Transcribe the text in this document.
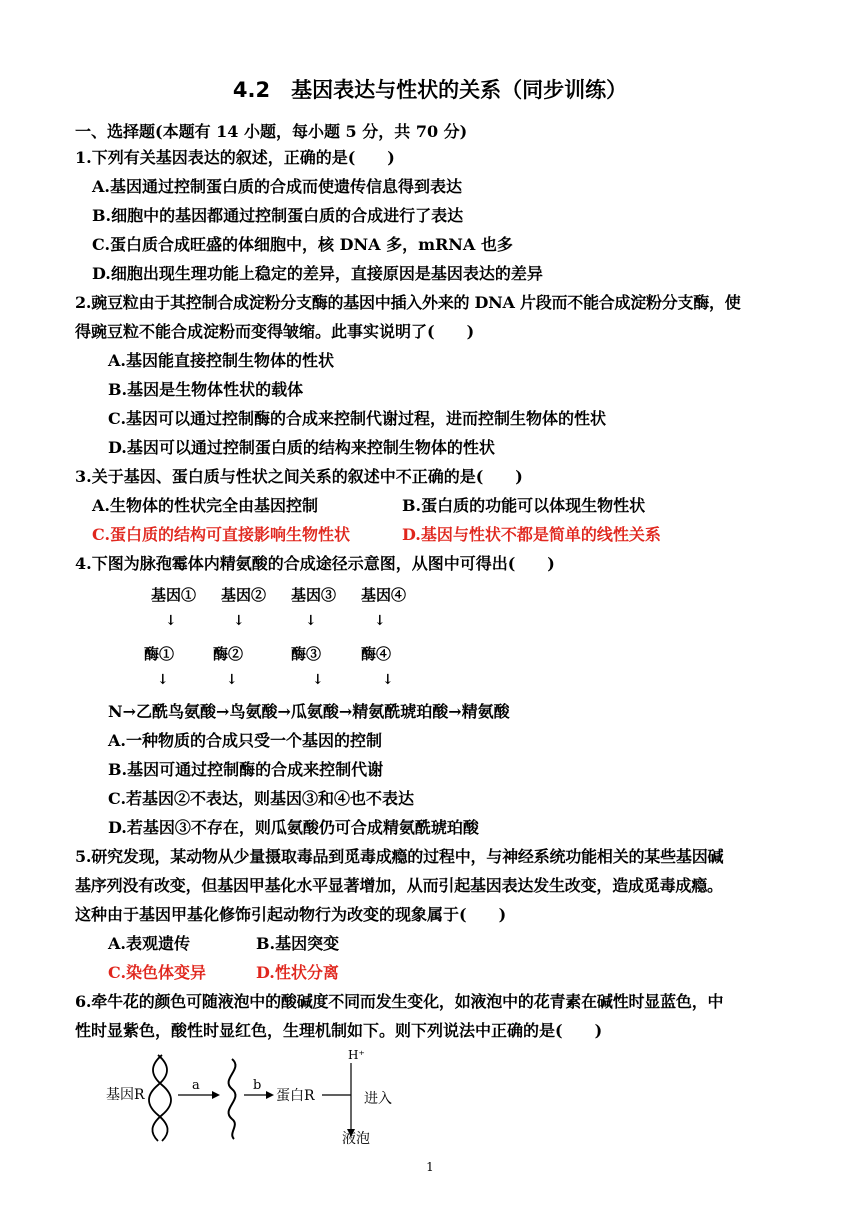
4.2　基因表达与性状的关系（同步训练）
一、选择题(本题有 14 小题，每小题 5 分，共 70 分)
1.下列有关基因表达的叙述，正确的是(　　)
A.基因通过控制蛋白质的合成而使遗传信息得到表达
B.细胞中的基因都通过控制蛋白质的合成进行了表达
C.蛋白质合成旺盛的体细胞中，核 DNA 多，mRNA 也多
D.细胞出现生理功能上稳定的差异，直接原因是基因表达的差异
2.豌豆粒由于其控制合成淀粉分支酶的基因中插入外来的 DNA 片段而不能合成淀粉分支酶，使
得豌豆粒不能合成淀粉而变得皱缩。此事实说明了(　　)
A.基因能直接控制生物体的性状
B.基因是生物体性状的载体
C.基因可以通过控制酶的合成来控制代谢过程，进而控制生物体的性状
D.基因可以通过控制蛋白质的结构来控制生物体的性状
3.关于基因、蛋白质与性状之间关系的叙述中不正确的是(　　)
A.生物体的性状完全由基因控制	B.蛋白质的功能可以体现生物性状
C.蛋白质的结构可直接影响生物性状	D.基因与性状不都是简单的线性关系
4.下图为脉孢霉体内精氨酸的合成途径示意图，从图中可得出(　　)
基因① 基因② 基因③ 基因④
↓	↓	↓	↓
酶①	酶②	酶③	酶④
↓	↓	↓	↓
N→乙酰鸟氨酸→鸟氨酸→瓜氨酸→精氨酰琥珀酸→精氨酸
A.一种物质的合成只受一个基因的控制
B.基因可通过控制酶的合成来控制代谢
C.若基因②不表达，则基因③和④也不表达
D.若基因③不存在，则瓜氨酸仍可合成精氨酰琥珀酸
5.研究发现，某动物从少量摄取毒品到觅毒成瘾的过程中，与神经系统功能相关的某些基因碱
基序列没有改变，但基因甲基化水平显著增加，从而引起基因表达发生改变，造成觅毒成瘾。
这种由于基因甲基化修饰引起动物行为改变的现象属于(　　)
A.表观遗传	B.基因突变
C.染色体变异	D.性状分离
6.牵牛花的颜色可随液泡中的酸碱度不同而发生变化，如液泡中的花青素在碱性时显蓝色，中
性时显紫色，酸性时显红色，生理机制如下。则下列说法中正确的是(　　)
基因R
a	b
蛋白R
H⁺
进入
液泡
1
